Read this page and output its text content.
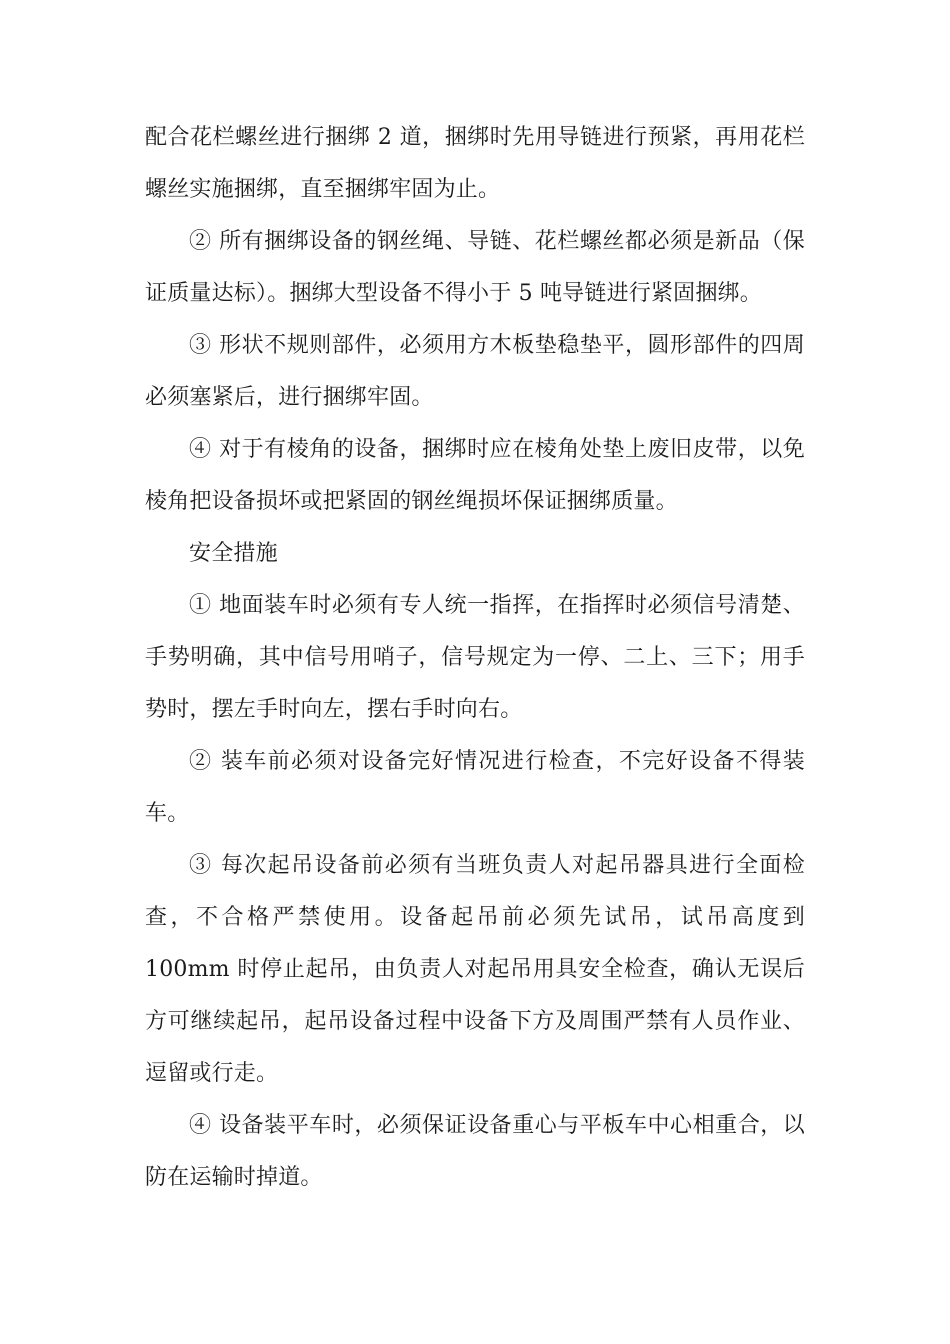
配合花栏螺丝进行捆绑 2 道，捆绑时先用导链进行预紧，再用花栏螺丝实施捆绑，直至捆绑牢固为止。

② 所有捆绑设备的钢丝绳、导链、花栏螺丝都必须是新品（保证质量达标）。捆绑大型设备不得小于 5 吨导链进行紧固捆绑。

③ 形状不规则部件，必须用方木板垫稳垫平，圆形部件的四周必须塞紧后，进行捆绑牢固。

④ 对于有棱角的设备，捆绑时应在棱角处垫上废旧皮带，以免棱角把设备损坏或把紧固的钢丝绳损坏保证捆绑质量。

安全措施

① 地面装车时必须有专人统一指挥，在指挥时必须信号清楚、手势明确，其中信号用哨子，信号规定为一停、二上、三下；用手势时，摆左手时向左，摆右手时向右。

② 装车前必须对设备完好情况进行检查，不完好设备不得装车。

③ 每次起吊设备前必须有当班负责人对起吊器具进行全面检查，不合格严禁使用。设备起吊前必须先试吊，试吊高度到 100mm 时停止起吊，由负责人对起吊用具安全检查，确认无误后方可继续起吊，起吊设备过程中设备下方及周围严禁有人员作业、逗留或行走。

④ 设备装平车时，必须保证设备重心与平板车中心相重合，以防在运输时掉道。
